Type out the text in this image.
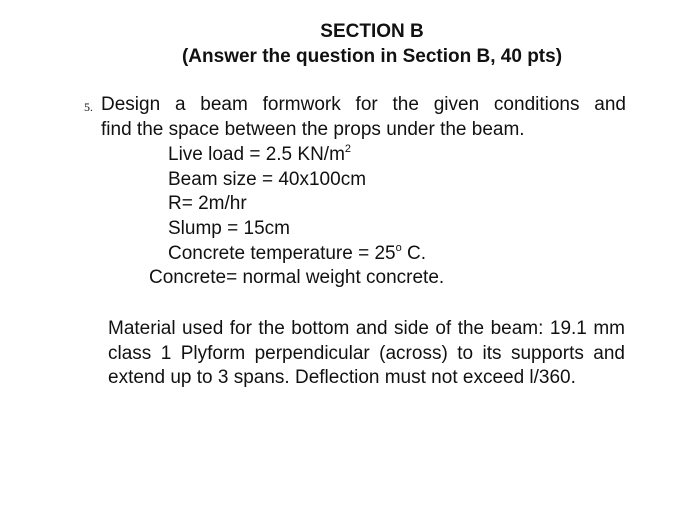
SECTION B
(Answer the question in Section B, 40 pts)
5. Design a beam formwork for the given conditions and
find the space between the props under the beam.
Live load = 2.5 $KN/m^2$
Beam size = 40x100cm
R= 2m/hr
Slump = 15cm
Concrete temperature = $25^o$ C.
Concrete= normal weight concrete.
Material used for the bottom and side of the beam: 19.1 mm class 1 Plyform perpendicular (across) to its supports and extend up to 3 spans. Deflection must not exceed l/360.
